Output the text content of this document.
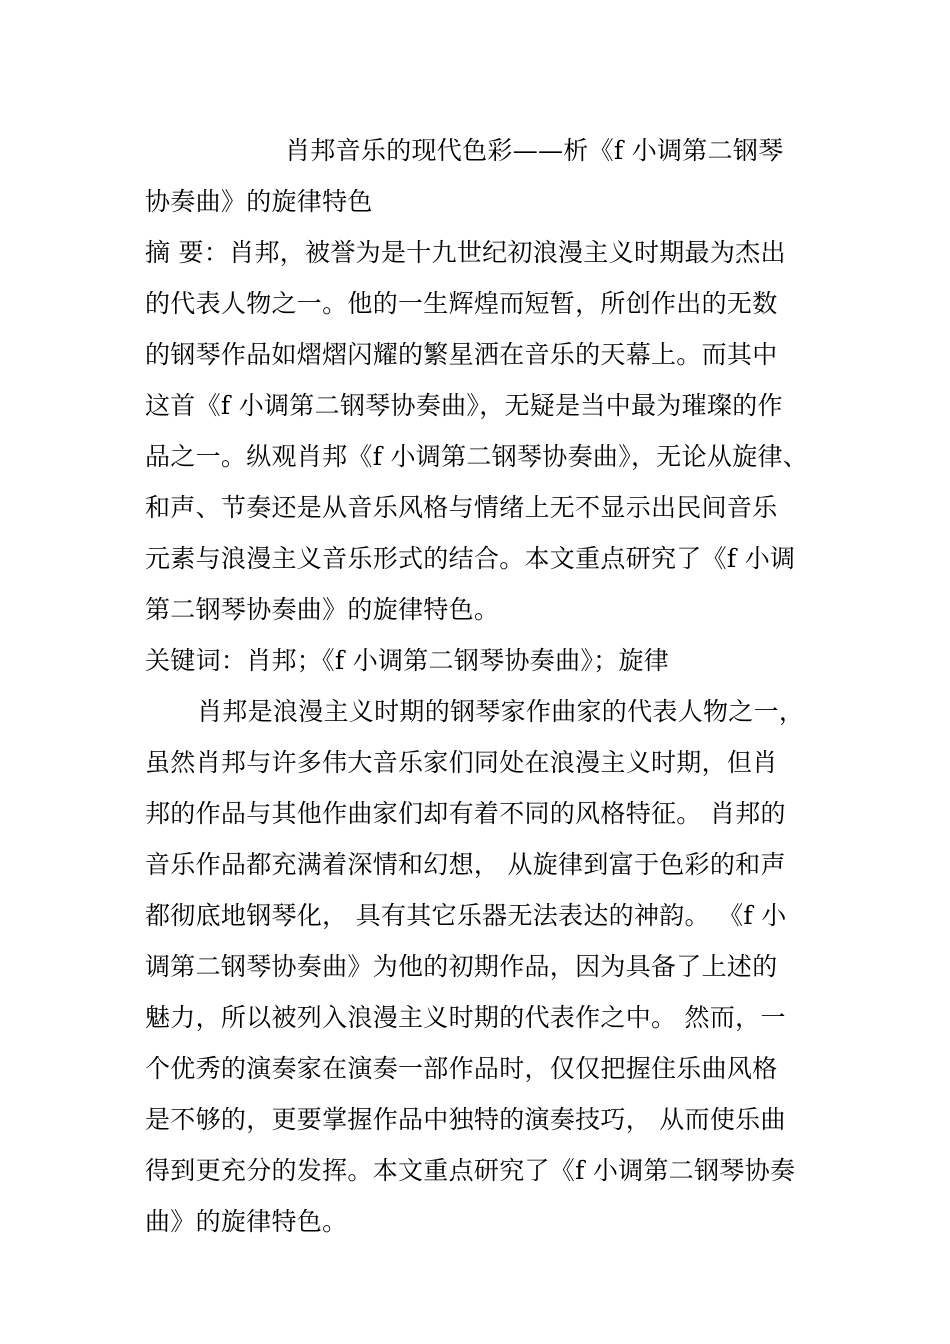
肖邦音乐的现代色彩——析《f 小调第二钢琴
协奏曲》的旋律特色
摘 要：肖邦，被誉为是十九世纪初浪漫主义时期最为杰出
的代表人物之一。他的一生辉煌而短暂，所创作出的无数
的钢琴作品如熠熠闪耀的繁星洒在音乐的天幕上。而其中
这首《f 小调第二钢琴协奏曲》，无疑是当中最为璀璨的作
品之一。纵观肖邦《f 小调第二钢琴协奏曲》，无论从旋律、
和声、节奏还是从音乐风格与情绪上无不显示出民间音乐
元素与浪漫主义音乐形式的结合。本文重点研究了《f 小调
第二钢琴协奏曲》的旋律特色。
关键词：肖邦；《f 小调第二钢琴协奏曲》；旋律
肖邦是浪漫主义时期的钢琴家作曲家的代表人物之一，
虽然肖邦与许多伟大音乐家们同处在浪漫主义时期，但肖
邦的作品与其他作曲家们却有着不同的风格特征。 肖邦的
音乐作品都充满着深情和幻想， 从旋律到富于色彩的和声
都彻底地钢琴化， 具有其它乐器无法表达的神韵。 《f 小
调第二钢琴协奏曲》为他的初期作品，因为具备了上述的
魅力，所以被列入浪漫主义时期的代表作之中。 然而，一
个优秀的演奏家在演奏一部作品时，仅仅把握住乐曲风格
是不够的，更要掌握作品中独特的演奏技巧， 从而使乐曲
得到更充分的发挥。本文重点研究了《f 小调第二钢琴协奏
曲》的旋律特色。
